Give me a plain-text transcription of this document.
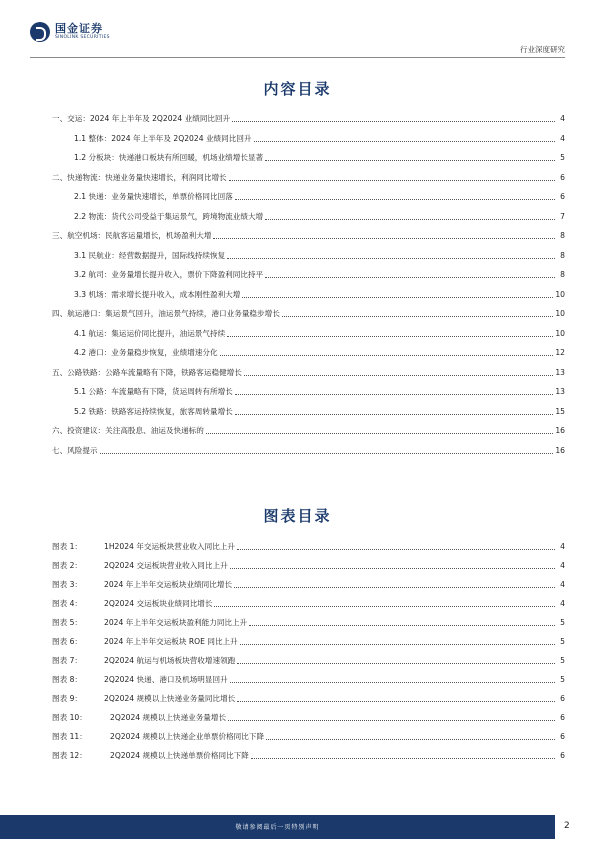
国金证券
SINOLINK SECURITIES
行业深度研究
内容目录
一、交运：2024 年上半年及 2Q2024 业绩同比回升	4
1.1 整体：2024 年上半年及 2Q2024 业绩同比回升	4
1.2 分板块：快递港口板块有所回暖，机场业绩增长显著	5
二、快递物流：快递业务量快速增长，利润同比增长	6
2.1 快递：业务量快速增长，单票价格同比回落	6
2.2 物流：货代公司受益于集运景气，跨境物流业绩大增	7
三、航空机场：民航客运量增长，机场盈利大增	8
3.1 民航业：经营数据提升，国际线持续恢复	8
3.2 航司：业务量增长提升收入，票价下降盈利同比持平	8
3.3 机场：需求增长提升收入，成本刚性盈利大增	10
四、航运港口：集运景气回升，油运景气持续，港口业务量稳步增长	10
4.1 航运：集运运价同比提升，油运景气持续	10
4.2 港口：业务量稳步恢复，业绩增速分化	12
五、公路铁路：公路车流量略有下降，铁路客运稳健增长	13
5.1 公路：车流量略有下降，货运周转有所增长	13
5.2 铁路：铁路客运持续恢复，旅客周转量增长	15
六、投资建议：关注高股息、油运及快递标的	16
七、风险提示	16
图表目录
图表 1：	1H2024 年交运板块营业收入同比上升	4
图表 2：	2Q2024 交运板块营业收入同比上升	4
图表 3：	2024 年上半年交运板块业绩同比增长	4
图表 4：	2Q2024 交运板块业绩同比增长	4
图表 5：	2024 年上半年交运板块盈利能力同比上升	5
图表 6：	2024 年上半年交运板块 ROE 同比上升	5
图表 7：	2Q2024 航运与机场板块营收增速领跑	5
图表 8：	2Q2024 快递、港口及机场明显回升	5
图表 9：	2Q2024 规模以上快递业务量同比增长	6
图表 10：	2Q2024 规模以上快递业务量增长	6
图表 11：	2Q2024 规模以上快递企业单票价格同比下降	6
图表 12：	2Q2024 规模以上快递单票价格同比下降	6
敬请参阅最后一页特别声明	2
